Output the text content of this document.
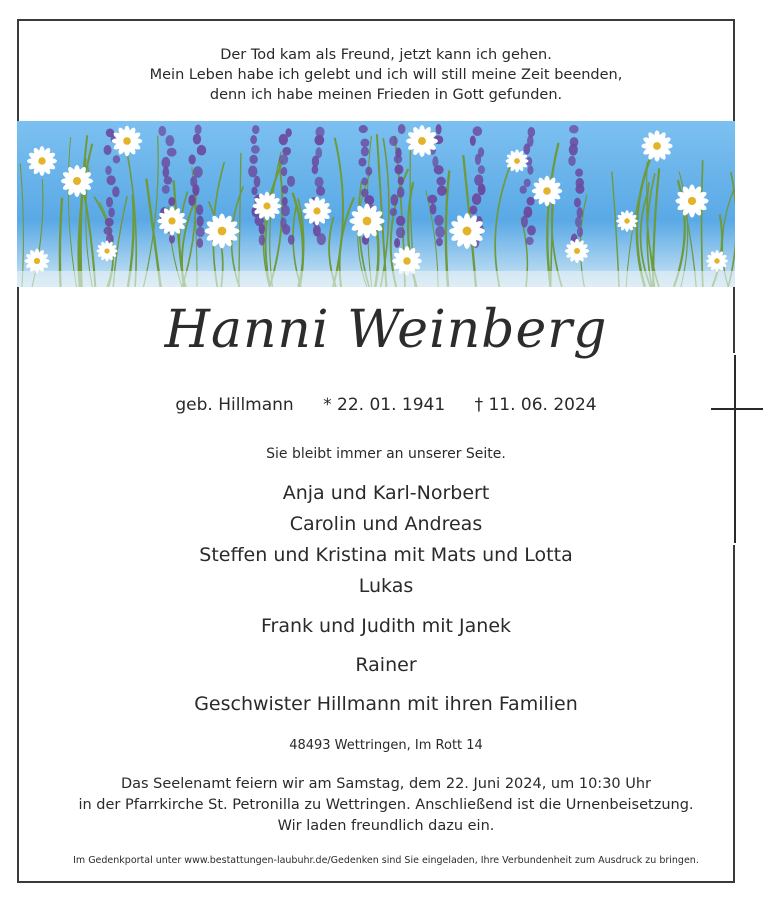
Der Tod kam als Freund, jetzt kann ich gehen.
Mein Leben habe ich gelebt und ich will still meine Zeit beenden,
denn ich habe meinen Frieden in Gott gefunden.
Hanni Weinberg
geb. Hillmann * 22. 01. 1941 † 11. 06. 2024
Sie bleibt immer an unserer Seite.
Anja und Karl-Norbert
Carolin und Andreas
Steffen und Kristina mit Mats und Lotta
Lukas
Frank und Judith mit Janek
Rainer
Geschwister Hillmann mit ihren Familien
48493 Wettringen, Im Rott 14
Das Seelenamt feiern wir am Samstag, dem 22. Juni 2024, um 10:30 Uhr
in der Pfarrkirche St. Petronilla zu Wettringen. Anschließend ist die Urnenbeisetzung.
Wir laden freundlich dazu ein.
Im Gedenkportal unter www.bestattungen-laubuhr.de/Gedenken sind Sie eingeladen, Ihre Verbundenheit zum Ausdruck zu bringen.
